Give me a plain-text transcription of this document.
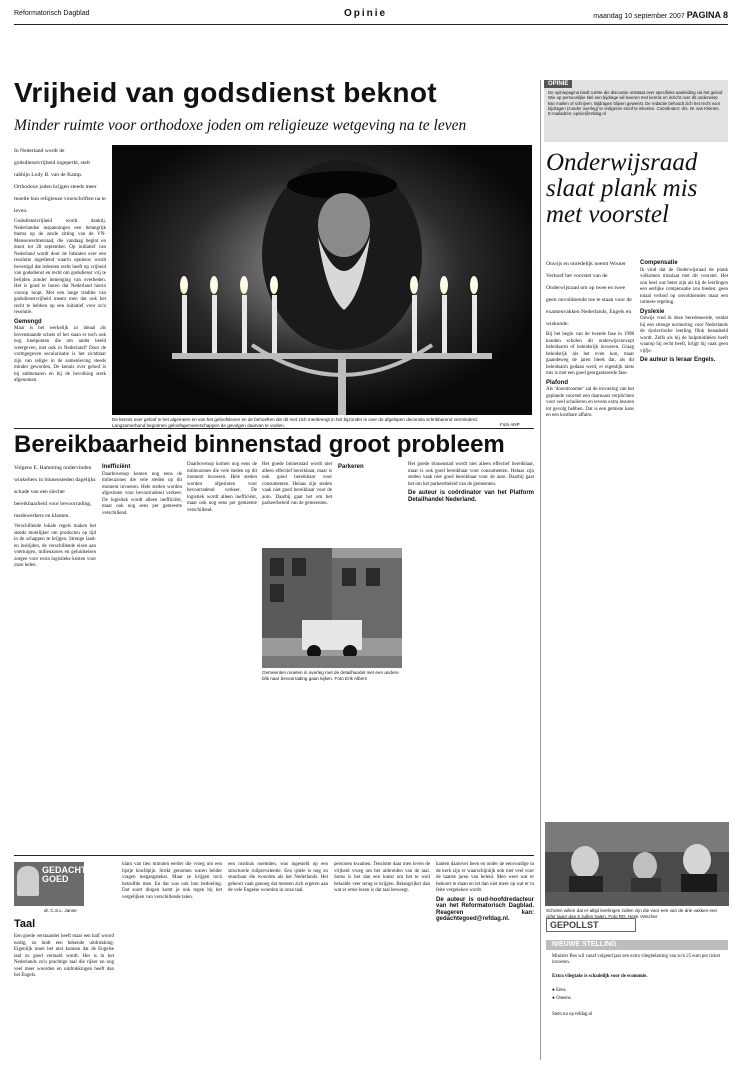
Reformatorisch Dagblad	Opinie	maandag 10 september 2007 PAGINA 8
Vrijheid van godsdienst beknot
Minder ruimte voor orthodoxe joden om religieuze wetgeving na te leven

In Nederland wordt de godsdienstvrijheid ingeperkt, stelt rabbijn Lody B. van de Kamp. Orthodoxe joden krijgen steeds meer moeite hun religieuze voorschriften na te leven.

Godsdienstvrijheid wordt danktij. Nederlandse inspanningen een belangrijk thema op de zesde zitting van de VN-Mensenrechtenraad, die vandaag begint en duurt tot 28 september. Op initiatief van Nederland wordt door de lidstaten over een resolutie ingediend waarin opnieuw wordt bevestigd dat iedereen recht heeft op vrijheid van godsdienst en recht om godsdienst vrij te belijden zonder inmenging van overheden. Het is goed te horen dat Nederland hierin voorop loopt. Met een lange traditie van godsdienstvrijheid meent men dat ook het recht te hebben op een initiatief voor zo'n resolutie.

Gemengd

Maar is het werkelijk zo ideaal als bovenstaande schets of het staan er toch ook nog knelpunten die om ander beeld weergeven, niet ook in Nederland? Door de vormgegeven secularisatie is het zichtbaar zijn van religie in de samenleving steeds minder geworden. De kennis over geloof is bij ambtenaren en bij de bevolking sterk afgenomen.

De kennis over geloof in het algemeen en van het geloofsleven en de behoeften die dit met zich meebrengt in het bijzonder is over de afgelopen decennia schrikbarend verminderd. Langzamerhand begonnen geloofsgemeenschappen de gevolgen daarvan te voelen.	Foto ANP
OPINIE
De opiniepagina biedt ruimte die discussie ontstaat over specifieke aanleiding via het geloof. Wie op persoonlijke titel een bijdrage wil leveren met kennis en inzicht over dit onderwerp kan mailen of schrijven. Bijdragen blijven gewenst. De redactie behoudt zich het recht voor bijdragen (zonder overleg) te redigeren en/of te inkorten. Coördinator: drs. W. van Kleinen. E-mailadres: opinie@refdag.nl
Onderwijsraad slaat plank mis met voorstel

Onwijs en onredelijk noemt Wouter Verhoef het voorstel van de Onderwijsraad om op twee en twee geen onvoldoende toe te staan voor de examenvakken Nederlands, Engels en wiskunde.

Bij het begin van de tweede fase in 1998 konden scholen dit onderwijsconcept beleidsarm of beleidsrijk invoeren. Graag beleidsrijk als het even kon, maar gaandeweg de jaren bleek dat, als dit beleidsarm gedaan werd, er eigenlijk niets mis is met een goed georganiseerde fase.

Plafond

Als ‘doorstroomer’ zal de invoering van het geplande voorstel een daarnaast verplichten voor veel scholieren en tevens extra lesuren tot gevolg hebben. Dat is een gemiste kans en een kostbare affaire.

Compensatie

Ik vind dat de Onderwijsraad de plank volkomen misslaat met dit voorstel. Het zou heel wat beter zijn als hij de leerlingen een eerlijke compensatie zou bieden: geen totaal verbod op onvoldoendes maar een ruimere regeling.

Dyslexie

Onwijs vind ik deze beredeneerde, omdat bij een strenge normering voor Nederlands de dyslectische leerling flink benadeeld wordt. Zelfs als hij de hulpmiddelen heeft waarop hij recht heeft, krijgt hij vaak geen vijfje.

De auteur is leraar Engels.

Scholen willen dat er altijd leerlingen zullen zijn die voor een van de drie vakken een cijfer lager dan 6 zullen halen. Foto RD, Henk Visscher
Bereikbaarheid binnenstad groot probleem

Volgens E. Hamming ondervinden winkeliers in binnensteden dagelijks schade van een slechte bereikbaarheid voor bevoorrading, medewerkers en klanten.

Verschillende lokale regels maken het steeds moeilijker om producten op tijd in de schappen te krijgen. Strenge laad- en losbijden, de verschillende eisen aan voertuigen, milieuzones en geluidseisen zorgen voor extra logistieke kosten voor onze leden.

Inefficiënt

Daarbovenop komen nog eens de milieuzones die vele steden op dit moment invoeren. Hele steden worden afgesloten voor bevoorradend verkeer. De logistiek wordt alleen inefficiënt, maar ook nog eens per gemeente verschillend.

Daarbovenop komen nog eens de milieuzones die vele steden op dit moment invoeren. Hele steden worden afgesloten voor bevoorradend verkeer. De logistiek wordt alleen inefficiënt, maar ook nog eens per gemeente verschillend.

Gemeenten moeten in overleg met de detailhandel met een andere blik naar bevoorrading gaan kijken. Foto Erik Albers

Het goede binnenstad wordt niet alleen effectief bereikbaar, maar is ook goed bereikbaar voor consumenten. Helaas zijn steden vaak niet goed bereikbaar voor de auto. Daarbij gaat het om het parkeerbeleid van de gemeenten.

Parkeren	Het goede binnenstad wordt niet alleen effectief bereikbaar, maar is ook goed bereikbaar voor consumenten. Helaas zijn steden vaak niet goed bereikbaar voor de auto. Daarbij gaat het om het parkeerbeleid van de gemeenten.

De auteur is coördinator van het Platform Detailhandel Nederland.

GEDACHTE
GOED
dr. C.S.L. Janse
Taal

Een goede verstaander heeft maar een half woord nodig, zo luidt een bekende uitdrukking. Eigenlijk moet het niet kunnen dat de Engelse taal zo goed vertaald wordt. Het is in het Nederlands zo'n prachtige taal die rijker en nog veel meer woorden en uitdrukkingen heeft dan het Engels.

klant van tien minuten eerder die vroeg om een lijstje hoofdpijn. Strikt genomen waren beider vragen toegangstekst. Maar ze krijgen toch hetzelfde mee. En dat was ook hun bedoeling. Dat soort dingen komt je ook tegen bij het vergelijken van verschillende talen.

een rusthuis noemden, was ingesteld op een structurele ruilprevalentie. Een ijdele is nog zo stuurbaar die woorden als het Nederlands. Het gebeurt vaak genoeg dat mensen zich ergeren aan de vele Engelse woorden in onze taal.

personen kwamen. Tenslotte daar men leven de vrijheid vroeg om het uitbreiden van de taal. Soms is het dan een kunst om het te weil belaalde veer terug te krijgen. Belangrijker dan wat er ertoe lezen is dat taal beweegt.

kanten daarover heen en onder de eenvoudige in de kerk zijn er waarschijnlijk ook niet veel voor de laatste jaren van beleid. Men weet wat er behoort te staan en let dan niet meer op wat er in feite vergeleken wordt.

De auteur is oud-hoofdredacteur van het Reformatorisch Dagblad. Reageren kan: gedachtegoed@refdag.nl.

GEPOLLST
NIEUWE STELLING
Minister Bos wil vanaf volgend jaar een extra vliegbelasting van zo'n 25 euro per ticket invoeren.
Extra vliegtaks is schadelijk voor de economie.
● Eens.
● Oneens.
Stem nu op refdag.nl
